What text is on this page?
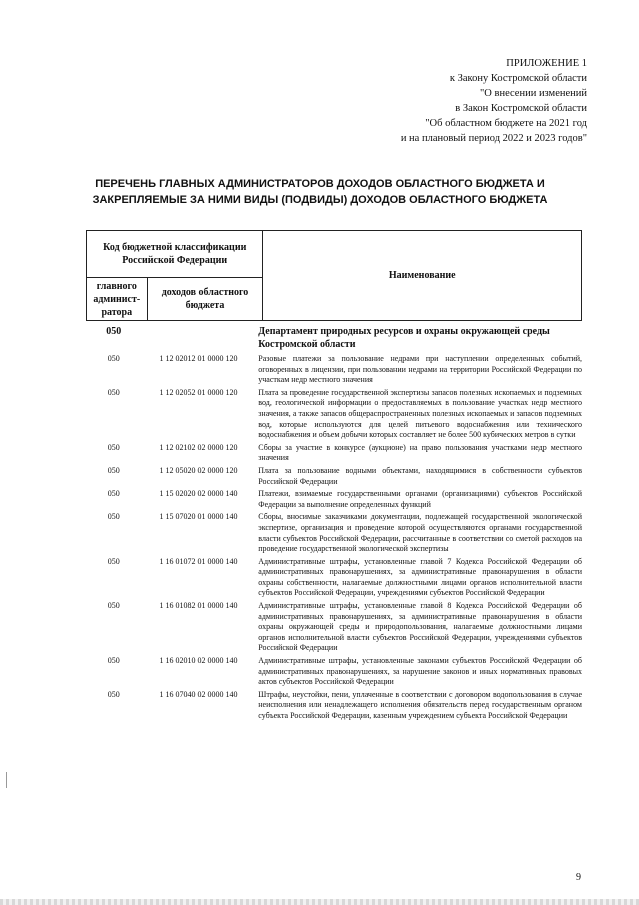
ПРИЛОЖЕНИЕ 1
к Закону Костромской области
"О внесении изменений
в Закон Костромской области
"Об областном бюджете на 2021 год
и на плановый период 2022 и 2023 годов"
ПЕРЕЧЕНЬ ГЛАВНЫХ АДМИНИСТРАТОРОВ ДОХОДОВ ОБЛАСТНОГО БЮДЖЕТА И
ЗАКРЕПЛЯЕМЫЕ ЗА НИМИ ВИДЫ (ПОДВИДЫ) ДОХОДОВ ОБЛАСТНОГО БЮДЖЕТА
Код бюджетной классификации Российской Федерации		Наименование
главного админист-ратора	доходов областного бюджета	
050		Департамент природных ресурсов и охраны окружающей среды Костромской области
050	1 12 02012 01 0000 120	Разовые платежи за пользование недрами при наступлении определенных событий, оговоренных в лицензии, при пользовании недрами на территории Российской Федерации по участкам недр местного значения
050	1 12 02052 01 0000 120	Плата за проведение государственной экспертизы запасов полезных ископаемых и подземных вод, геологической информации о предоставляемых в пользование участках недр местного значения, а также запасов общераспространенных полезных ископаемых и запасов подземных вод, которые используются для целей питьевого водоснабжения или технического водоснабжения и объем добычи которых составляет не более 500 кубических метров в сутки
050	1 12 02102 02 0000 120	Сборы за участие в конкурсе (аукционе) на право пользования участками недр местного значения
050	1 12 05020 02 0000 120	Плата за пользование водными объектами, находящимися в собственности субъектов Российской Федерации
050	1 15 02020 02 0000 140	Платежи, взимаемые государственными органами (организациями) субъектов Российской Федерации за выполнение определенных функций
050	1 15 07020 01 0000 140	Сборы, вносимые заказчиками документации, подлежащей государственной экологической экспертизе, организация и проведение которой осуществляются органами государственной власти субъектов Российской Федерации, рассчитанные в соответствии со сметой расходов на проведение государственной экологической экспертизы
050	1 16 01072 01 0000 140	Административные штрафы, установленные главой 7 Кодекса Российской Федерации об административных правонарушениях, за административные правонарушения в области охраны собственности, налагаемые должностными лицами органов исполнительной власти субъектов Российской Федерации, учреждениями субъектов Российской Федерации
050	1 16 01082 01 0000 140	Административные штрафы, установленные главой 8 Кодекса Российской Федерации об административных правонарушениях, за административные правонарушения в области охраны окружающей среды и природопользования, налагаемые должностными лицами органов исполнительной власти субъектов Российской Федерации, учреждениями субъектов Российской Федерации
050	1 16 02010 02 0000 140	Административные штрафы, установленные законами субъектов Российской Федерации об административных правонарушениях, за нарушение законов и иных нормативных правовых актов субъектов Российской Федерации
050	1 16 07040 02 0000 140	Штрафы, неустойки, пени, уплаченные в соответствии с договором водопользования в случае неисполнения или ненадлежащего исполнения обязательств перед государственным органом субъекта Российской Федерации, казенным учреждением субъекта Российской Федерации
9
